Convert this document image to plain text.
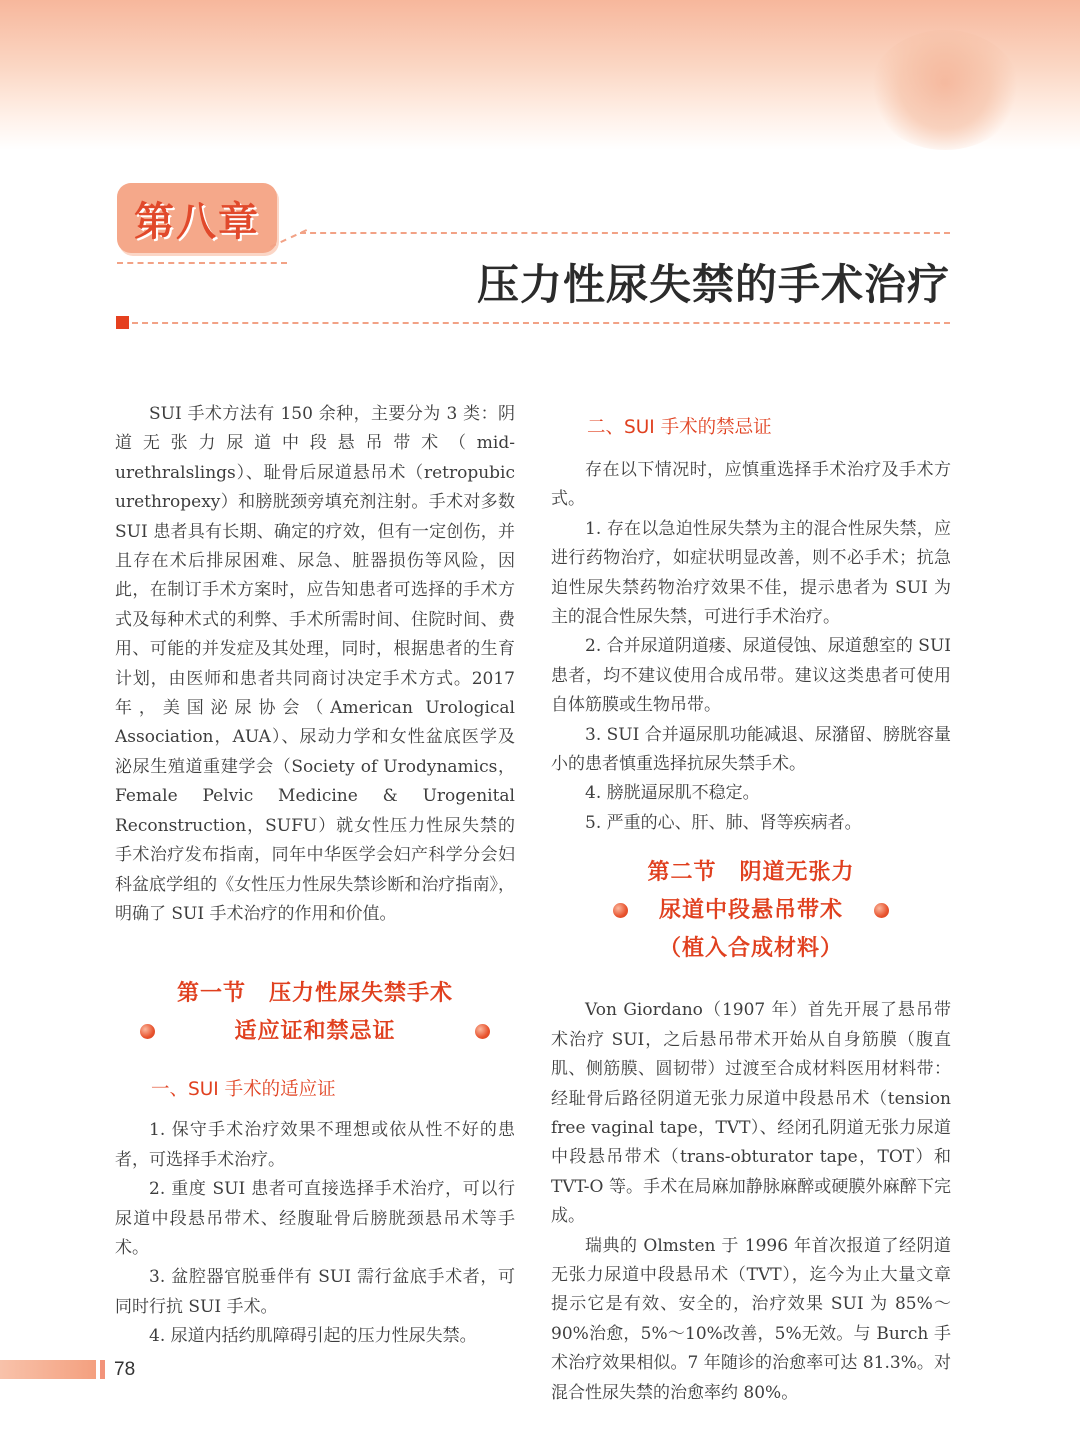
第八章
压力性尿失禁的手术治疗

SUI 手术方法有 150 余种，主要分为 3 类：阴道无张力尿道中段悬吊带术（mid-urethralslings）、耻骨后尿道悬吊术（retropubic urethropexy）和膀胱颈旁填充剂注射。手术对多数 SUI 患者具有长期、确定的疗效，但有一定创伤，并且存在术后排尿困难、尿急、脏器损伤等风险，因此，在制订手术方案时，应告知患者可选择的手术方式及每种术式的利弊、手术所需时间、住院时间、费用、可能的并发症及其处理，同时，根据患者的生育计划，由医师和患者共同商讨决定手术方式。2017 年，美国泌尿协会（American Urological Association，AUA）、尿动力学和女性盆底医学及泌尿生殖道重建学会（Society of Urodynamics，Female Pelvic Medicine & Urogenital Reconstruction，SUFU）就女性压力性尿失禁的手术治疗发布指南，同年中华医学会妇产科学分会妇科盆底学组的《女性压力性尿失禁诊断和治疗指南》，明确了 SUI 手术治疗的作用和价值。

第一节　压力性尿失禁手术
适应证和禁忌证
一、SUI 手术的适应证

1. 保守手术治疗效果不理想或依从性不好的患者，可选择手术治疗。

2. 重度 SUI 患者可直接选择手术治疗，可以行尿道中段悬吊带术、经腹耻骨后膀胱颈悬吊术等手术。

3. 盆腔器官脱垂伴有 SUI 需行盆底手术者，可同时行抗 SUI 手术。

4. 尿道内括约肌障碍引起的压力性尿失禁。

二、SUI 手术的禁忌证

存在以下情况时，应慎重选择手术治疗及手术方式。

1. 存在以急迫性尿失禁为主的混合性尿失禁，应进行药物治疗，如症状明显改善，则不必手术；抗急迫性尿失禁药物治疗效果不佳，提示患者为 SUI 为主的混合性尿失禁，可进行手术治疗。

2. 合并尿道阴道瘘、尿道侵蚀、尿道憩室的 SUI 患者，均不建议使用合成吊带。建议这类患者可使用自体筋膜或生物吊带。

3. SUI 合并逼尿肌功能减退、尿潴留、膀胱容量小的患者慎重选择抗尿失禁手术。

4. 膀胱逼尿肌不稳定。

5. 严重的心、肝、肺、肾等疾病者。

第二节　阴道无张力
尿道中段悬吊带术
（植入合成材料）

Von Giordano（1907 年）首先开展了悬吊带术治疗 SUI，之后悬吊带术开始从自身筋膜（腹直肌、侧筋膜、圆韧带）过渡至合成材料医用材料带：经耻骨后路径阴道无张力尿道中段悬吊术（tension free vaginal tape，TVT）、经闭孔阴道无张力尿道中段悬吊带术（trans-obturator tape，TOT）和 TVT-O 等。手术在局麻加静脉麻醉或硬膜外麻醉下完成。

瑞典的 Olmsten 于 1996 年首次报道了经阴道无张力尿道中段悬吊术（TVT），迄今为止大量文章提示它是有效、安全的，治疗效果 SUI 为 85%～90%治愈，5%～10%改善，5%无效。与 Burch 手术治疗效果相似。7 年随诊的治愈率可达 81.3%。对混合性尿失禁的治愈率约 80%。

78
